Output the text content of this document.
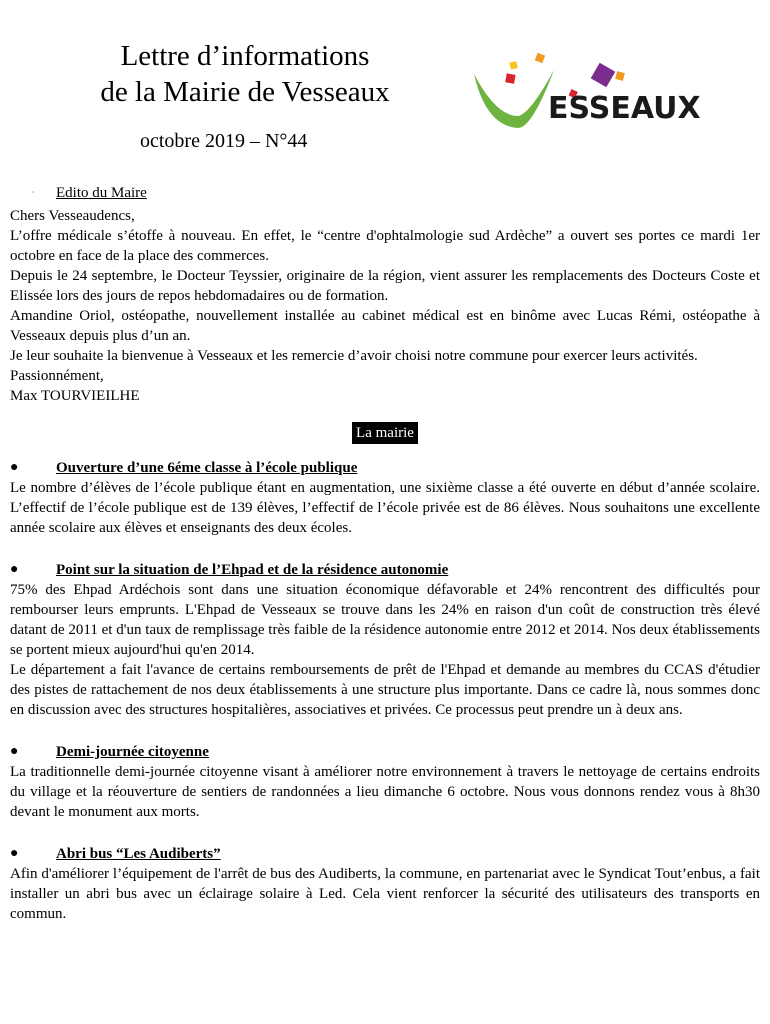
Lettre d’informations
de la Mairie de Vesseaux
octobre 2019 – N°44
ESSEAUX
·	Edito du Maire

Chers Vesseaudencs,

L’offre médicale s’étoffe à nouveau. En effet, le “centre d'ophtalmologie sud Ardèche” a ouvert ses portes ce mardi 1er octobre en face de la place des commerces.

Depuis le 24 septembre, le Docteur Teyssier, originaire de la région, vient assurer les remplacements des Docteurs Coste et Elissée lors des jours de repos hebdomadaires ou de formation.

Amandine Oriol, ostéopathe, nouvellement installée au cabinet médical est en binôme avec Lucas Rémi, ostéopathe à Vesseaux depuis plus d’un an.

Je leur souhaite la bienvenue à Vesseaux et les remercie d’avoir choisi notre commune pour exercer leurs activités.

Passionnément,

Max TOURVIEILHE

La mairie
●	Ouverture d’une 6éme classe à l’école publique

Le nombre d’élèves de l’école publique étant en augmentation, une sixième classe a été ouverte en début d’année scolaire. L’effectif de l’école publique est de 139 élèves, l’effectif de l’école privée est de 86 élèves. Nous souhaitons une excellente année scolaire aux élèves et enseignants des deux écoles.

●	Point sur la situation de l’Ehpad et de la résidence autonomie

75% des Ehpad Ardéchois sont dans une situation économique défavorable et 24% rencontrent des difficultés pour rembourser leurs emprunts. L'Ehpad de Vesseaux se trouve dans les 24% en raison d'un coût de construction très élevé datant de 2011 et d'un taux de remplissage très faible de la résidence autonomie entre 2012 et 2014. Nos deux établissements se portent mieux aujourd'hui qu'en 2014.

Le département a fait l'avance de certains remboursements de prêt de l'Ehpad et demande au membres du CCAS d'étudier des pistes de rattachement de nos deux établissements à une structure plus importante. Dans ce cadre là, nous sommes donc en discussion avec des structures hospitalières, associatives et privées. Ce processus peut prendre un à deux ans.

●	Demi-journée citoyenne

La traditionnelle demi-journée citoyenne visant à améliorer notre environnement à travers le nettoyage de certains endroits du village et la réouverture de sentiers de randonnées a lieu dimanche 6 octobre. Nous vous donnons rendez vous à 8h30 devant le monument aux morts.

●	Abri bus “Les Audiberts”

Afin d'améliorer l’équipement de l'arrêt de bus des Audiberts, la commune, en partenariat avec le Syndicat Tout’enbus, a fait installer un abri bus avec un éclairage solaire à Led. Cela vient renforcer la sécurité des utilisateurs des transports en commun.
